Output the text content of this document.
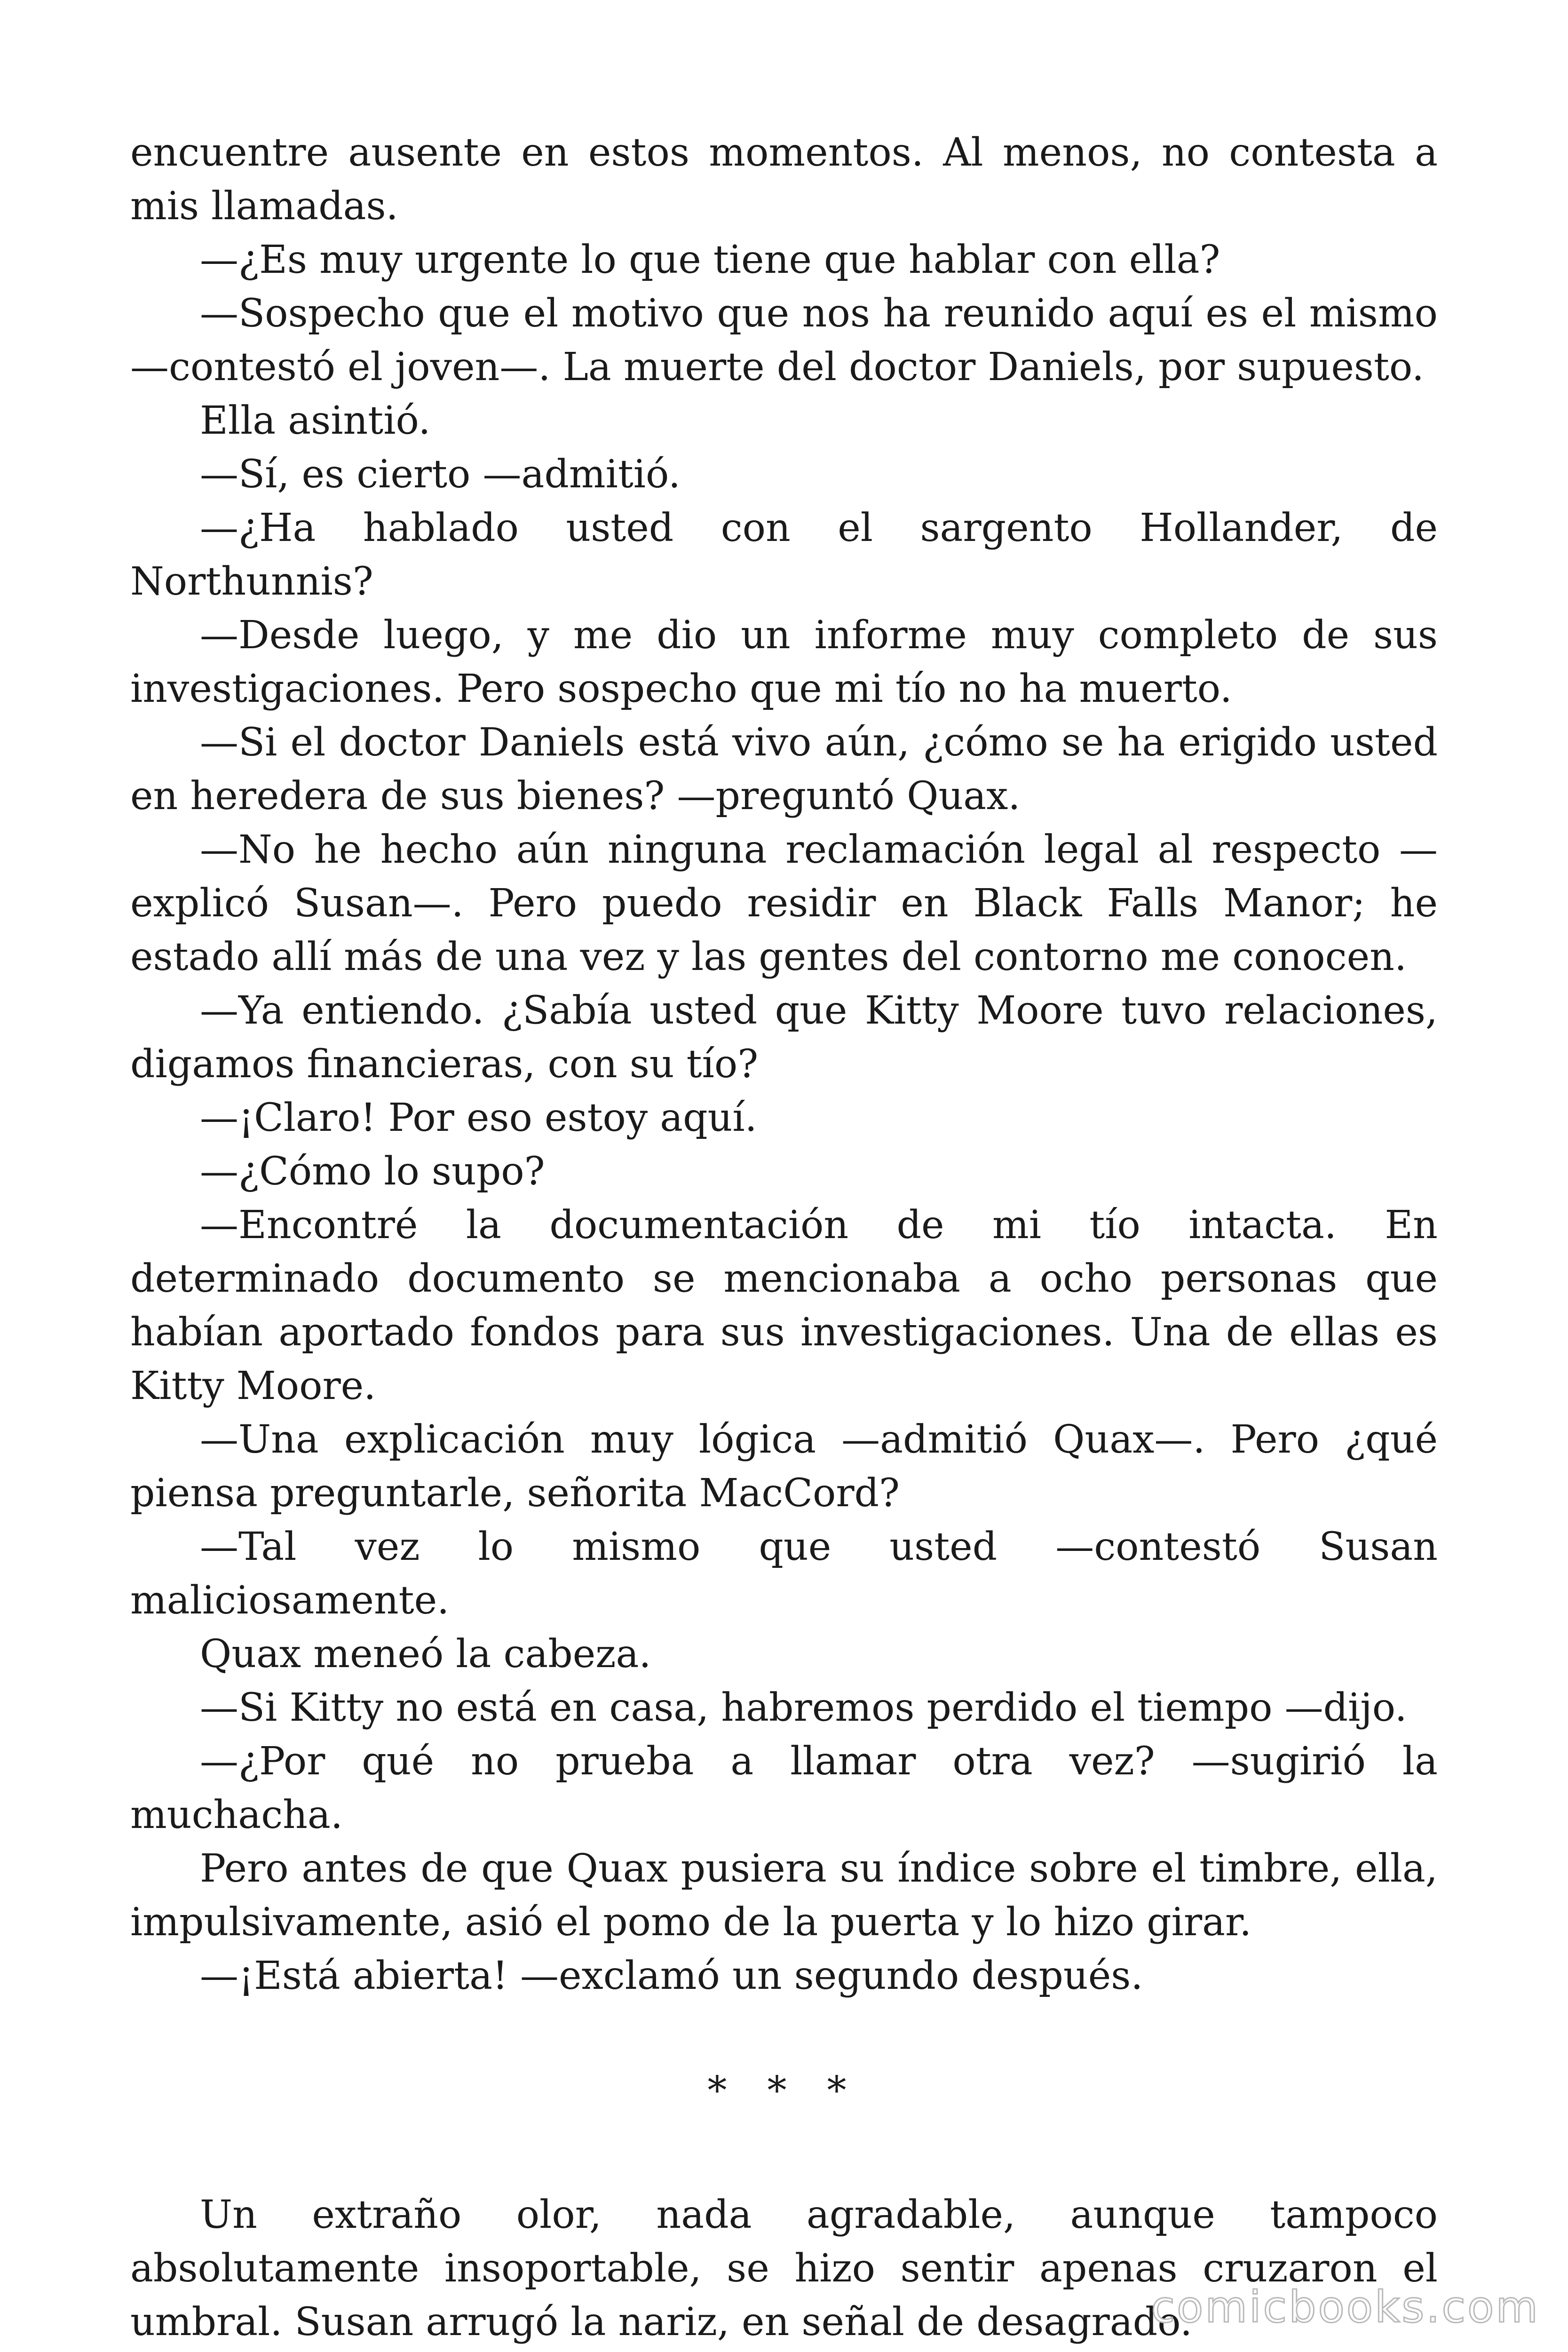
encuentre ausente en estos momentos. Al menos, no contesta a mis llamadas.

—¿Es muy urgente lo que tiene que hablar con ella?

—Sospecho que el motivo que nos ha reunido aquí es el mismo —contestó el joven—. La muerte del doctor Daniels, por supuesto.

Ella asintió.

—Sí, es cierto —admitió.

—¿Ha hablado usted con el sargento Hollander, de Northunnis?

—Desde luego, y me dio un informe muy completo de sus investigaciones. Pero sospecho que mi tío no ha muerto.

—Si el doctor Daniels está vivo aún, ¿cómo se ha erigido usted en heredera de sus bienes? —preguntó Quax.

—No he hecho aún ninguna reclamación legal al respecto —explicó Susan—. Pero puedo residir en Black Falls Manor; he estado allí más de una vez y las gentes del contorno me conocen.

—Ya entiendo. ¿Sabía usted que Kitty Moore tuvo relaciones, digamos financieras, con su tío?

—¡Claro! Por eso estoy aquí.

—¿Cómo lo supo?

—Encontré la documentación de mi tío intacta. En determinado documento se mencionaba a ocho personas que habían aportado fondos para sus investigaciones. Una de ellas es Kitty Moore.

—Una explicación muy lógica —admitió Quax—. Pero ¿qué piensa preguntarle, señorita MacCord?

—Tal vez lo mismo que usted —contestó Susan maliciosamente.

Quax meneó la cabeza.

—Si Kitty no está en casa, habremos perdido el tiempo —dijo.

—¿Por qué no prueba a llamar otra vez? —sugirió la muchacha.

Pero antes de que Quax pusiera su índice sobre el timbre, ella, impulsivamente, asió el pomo de la puerta y lo hizo girar.

—¡Está abierta! —exclamó un segundo después.

* * *

Un extraño olor, nada agradable, aunque tampoco absolutamente insoportable, se hizo sentir apenas cruzaron el umbral. Susan arrugó la nariz, en señal de desagrado.

comicbooks.com
